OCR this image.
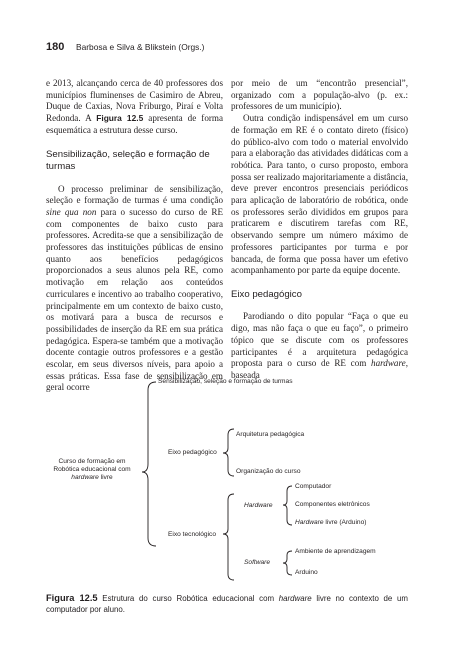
180 Barbosa e Silva & Blikstein (Orgs.)

e 2013, alcançando cerca de 40 professores dos municípios fluminenses de Casimiro de Abreu, Duque de Caxias, Nova Friburgo, Piraí e Volta Redonda. A Figura 12.5 apresenta de forma esquemática a estrutura desse curso.

Sensibilização, seleção e formação de turmas

O processo preliminar de sensibilização, seleção e formação de turmas é uma condição sine qua non para o sucesso do curso de RE com componentes de baixo custo para professores. Acredita-se que a sensibilização de professores das instituições públicas de ensino quanto aos benefícios pedagógicos proporcionados a seus alunos pela RE, como motivação em relação aos conteúdos curriculares e incentivo ao trabalho cooperativo, principalmente em um contexto de baixo custo, os motivará para a busca de recursos e possibilidades de inserção da RE em sua prática pedagógica. Espera-se também que a motivação docente contagie outros professores e a gestão escolar, em seus diversos níveis, para apoio a essas práticas. Essa fase de sensibilização em geral ocorre

por meio de um “encontrão presencial”, organizado com a população-alvo (p. ex.: professores de um município).

Outra condição indispensável em um curso de formação em RE é o contato direto (físico) do público-alvo com todo o material envolvido para a elaboração das atividades didáticas com a robótica. Para tanto, o curso proposto, embora possa ser realizado majoritariamente a distância, deve prever encontros presenciais periódicos para aplicação de laboratório de robótica, onde os professores serão divididos em grupos para praticarem e discutirem tarefas com RE, observando sempre um número máximo de professores participantes por turma e por bancada, de forma que possa haver um efetivo acompanhamento por parte da equipe docente.

Eixo pedagógico

Parodiando o dito popular “Faça o que eu digo, mas não faça o que eu faço”, o primeiro tópico que se discute com os professores participantes é a arquitetura pedagógica proposta para o curso de RE com hardware, baseada

Curso de formação em Robótica educacional com hardware livre
Sensibilização, seleção e formação de turmas
Eixo pedagógico
Arquitetura pedagógica
Organização do curso
Eixo tecnológico
Hardware
Computador
Componentes eletrônicos
Hardware livre (Arduino)
Software
Ambiente de aprendizagem
Arduino
Figura 12.5 Estrutura do curso Robótica educacional com hardware livre no contexto de um computador por aluno.
